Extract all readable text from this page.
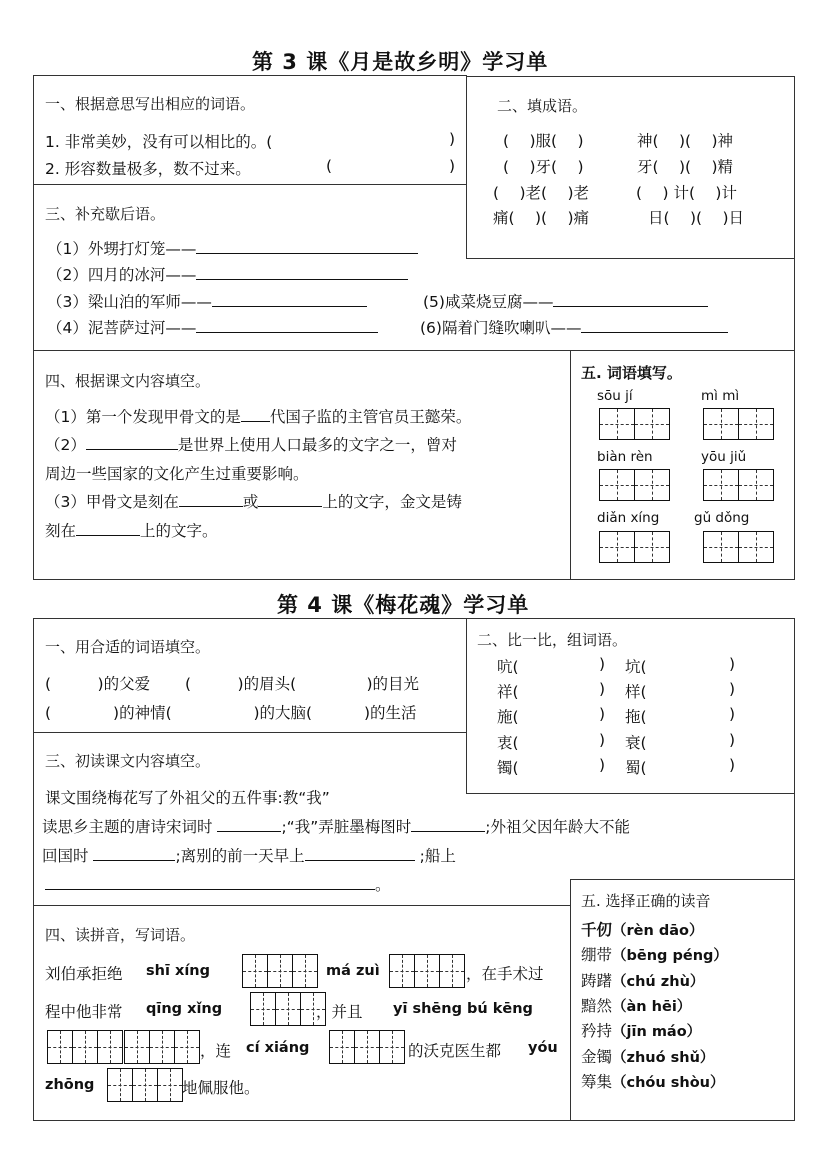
第 3 课《月是故乡明》学习单
一、根据意思写出相应的词语。
1. 非常美妙，没有可以相比的。(	)
2. 形容数量极多，数不过来。	(	)
二、填成语。
(　 )服(　 )	神(　 )(　 )神
(　 )牙(　 )	牙(　 )(　 )精
(　 )老(　 )老	(　 ) 计(　 )计
痛(　 )(　 )痛	日(　 )(　 )日
三、补充歇后语。
（1）外甥打灯笼——
（2）四月的冰河——
（3）梁山泊的军师——
（4）泥菩萨过河——
(5)咸菜烧豆腐——
(6)隔着门缝吹喇叭——
四、根据课文内容填空。
（1）第一个发现甲骨文的是 代国子监的主管官员王懿荣。
（2）	是世界上使用人口最多的文字之一，曾对
周边一些国家的文化产生过重要影响。
（3）甲骨文是刻在	或	上的文字，金文是铸
刻在	上的文字。
五. 词语填写。
sōu jí	mì mì
biàn rèn	yōu jiǔ
diǎn xíng	gǔ dǒng
第 4 课《梅花魂》学习单
一、用合适的词语填空。
(　　　)的父爱 (　　　)的眉头( 　　　)的目光
(　　　　)的神情( 　　　)的大脑( 　　)的生活
二、比一比，组词语。
吭(	) 坑(	)
祥(	) 样(	)
施(	) 拖(	)
衷(	) 衰(	)
镯(	) 蜀(	)
三、初读课文内容填空。
课文围绕梅花写了外祖父的五件事:教“我”
读思乡主题的唐诗宋词时	;“我”弄脏墨梅图时	;外祖父因年龄大不能
回国时	;离别的前一天早上	;船上
。
四、读拼音，写词语。
刘伯承拒绝 shī xíng	má zuì	，在手术过
程中他非常 qīng xǐng	，并且 yī shēng bú kēng
，连 cí xiáng	的沃克医生都 yóu
zhōng	地佩服他。
五. 选择正确的读音
千仞（rèn dāo）
绷带（bēng péng）
踌躇（chú zhù）
黯然（àn hēi）
矜持（jīn máo）
金镯（zhuó shǔ）
筹集（chóu shòu）
